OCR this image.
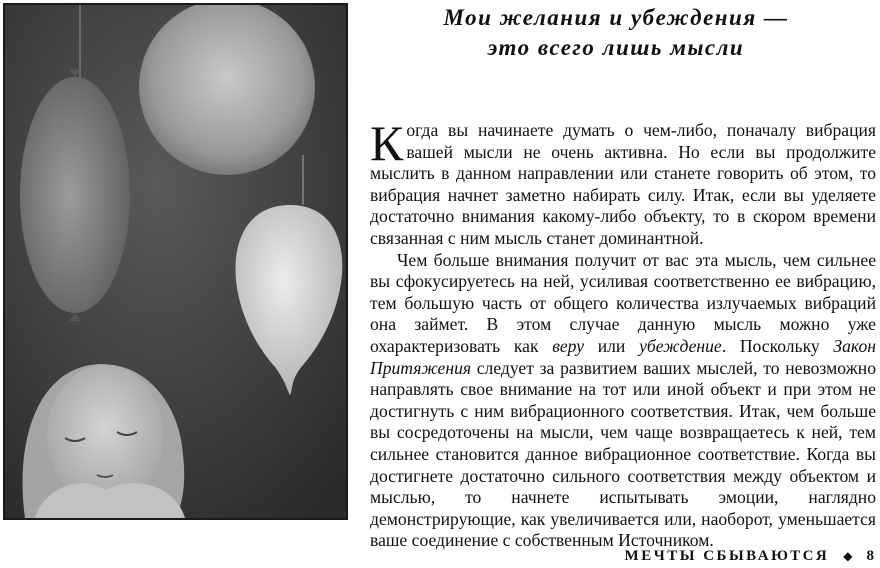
Мои желания и убеждения —
это всего лишь мысли

Когда вы начинаете думать о чем-либо, поначалу вибрация вашей мысли не очень активна. Но если вы продолжите мыслить в данном направлении или станете говорить об этом, то вибрация начнет заметно набирать силу. Итак, если вы уделяете достаточно внимания какому-либо объекту, то в скором времени связанная с ним мысль станет доминантной.

Чем больше внимания получит от вас эта мысль, чем сильнее вы сфокусируетесь на ней, усиливая соответственно ее вибрацию, тем большую часть от общего количества излучаемых вибраций она займет. В этом случае данную мысль можно уже охарактеризовать как веру или убеждение. Поскольку Закон Притяжения следует за развитием ваших мыслей, то невозможно направлять свое внимание на тот или иной объект и при этом не достигнуть с ним вибрационного соответствия. Итак, чем больше вы сосредоточены на мысли, чем чаще возвращаетесь к ней, тем сильнее становится данное вибрационное соответствие. Когда вы достигнете достаточно сильного соответствия между объектом и мыслью, то начнете испытывать эмоции, наглядно демонстрирующие, как увеличивается или, наоборот, уменьшается ваше соединение с собственным Источником.

МЕЧТЫ СБЫВАЮТСЯ ◆ 8
